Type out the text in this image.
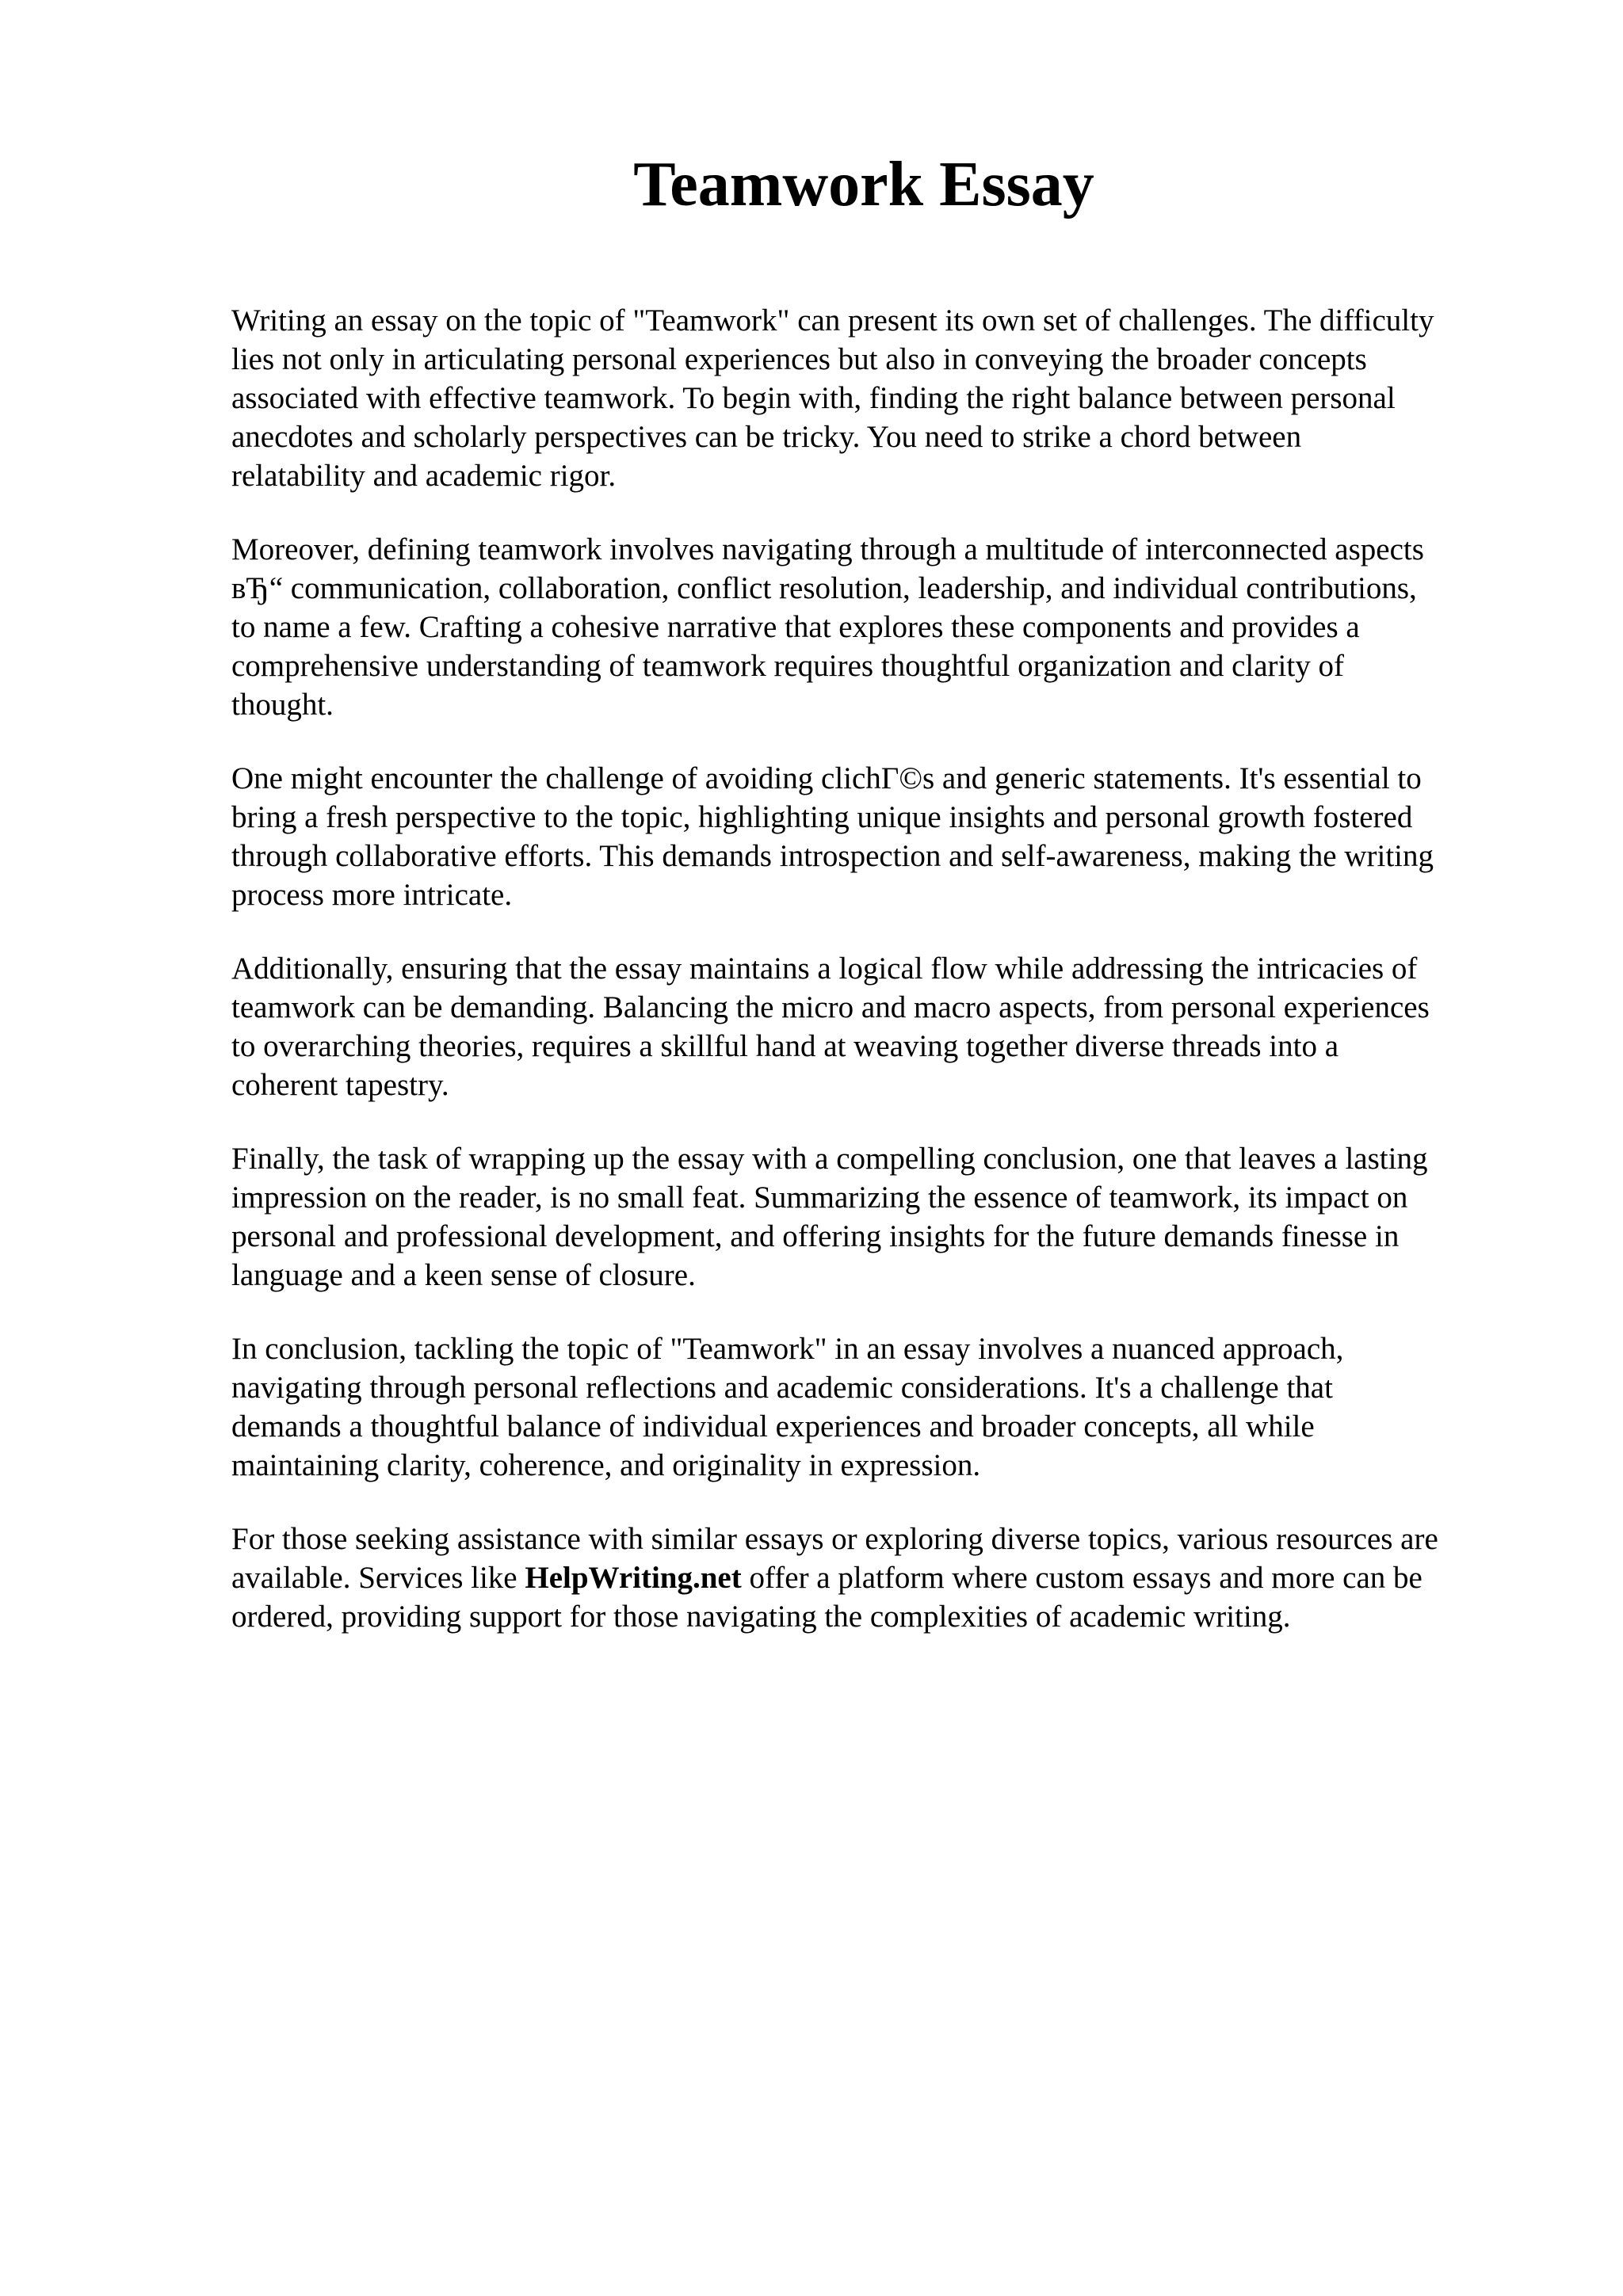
Teamwork Essay

Writing an essay on the topic of "Teamwork" can present its own set of challenges. The difficulty
lies not only in articulating personal experiences but also in conveying the broader concepts
associated with effective teamwork. To begin with, finding the right balance between personal
anecdotes and scholarly perspectives can be tricky. You need to strike a chord between
relatability and academic rigor.

Moreover, defining teamwork involves navigating through a multitude of interconnected aspects
вЂ“ communication, collaboration, conflict resolution, leadership, and individual contributions,
to name a few. Crafting a cohesive narrative that explores these components and provides a
comprehensive understanding of teamwork requires thoughtful organization and clarity of
thought.

One might encounter the challenge of avoiding clichГ©s and generic statements. It's essential to
bring a fresh perspective to the topic, highlighting unique insights and personal growth fostered
through collaborative efforts. This demands introspection and self-awareness, making the writing
process more intricate.

Additionally, ensuring that the essay maintains a logical flow while addressing the intricacies of
teamwork can be demanding. Balancing the micro and macro aspects, from personal experiences
to overarching theories, requires a skillful hand at weaving together diverse threads into a
coherent tapestry.

Finally, the task of wrapping up the essay with a compelling conclusion, one that leaves a lasting
impression on the reader, is no small feat. Summarizing the essence of teamwork, its impact on
personal and professional development, and offering insights for the future demands finesse in
language and a keen sense of closure.

In conclusion, tackling the topic of "Teamwork" in an essay involves a nuanced approach,
navigating through personal reflections and academic considerations. It's a challenge that
demands a thoughtful balance of individual experiences and broader concepts, all while
maintaining clarity, coherence, and originality in expression.

For those seeking assistance with similar essays or exploring diverse topics, various resources are
available. Services like HelpWriting.net offer a platform where custom essays and more can be
ordered, providing support for those navigating the complexities of academic writing.
